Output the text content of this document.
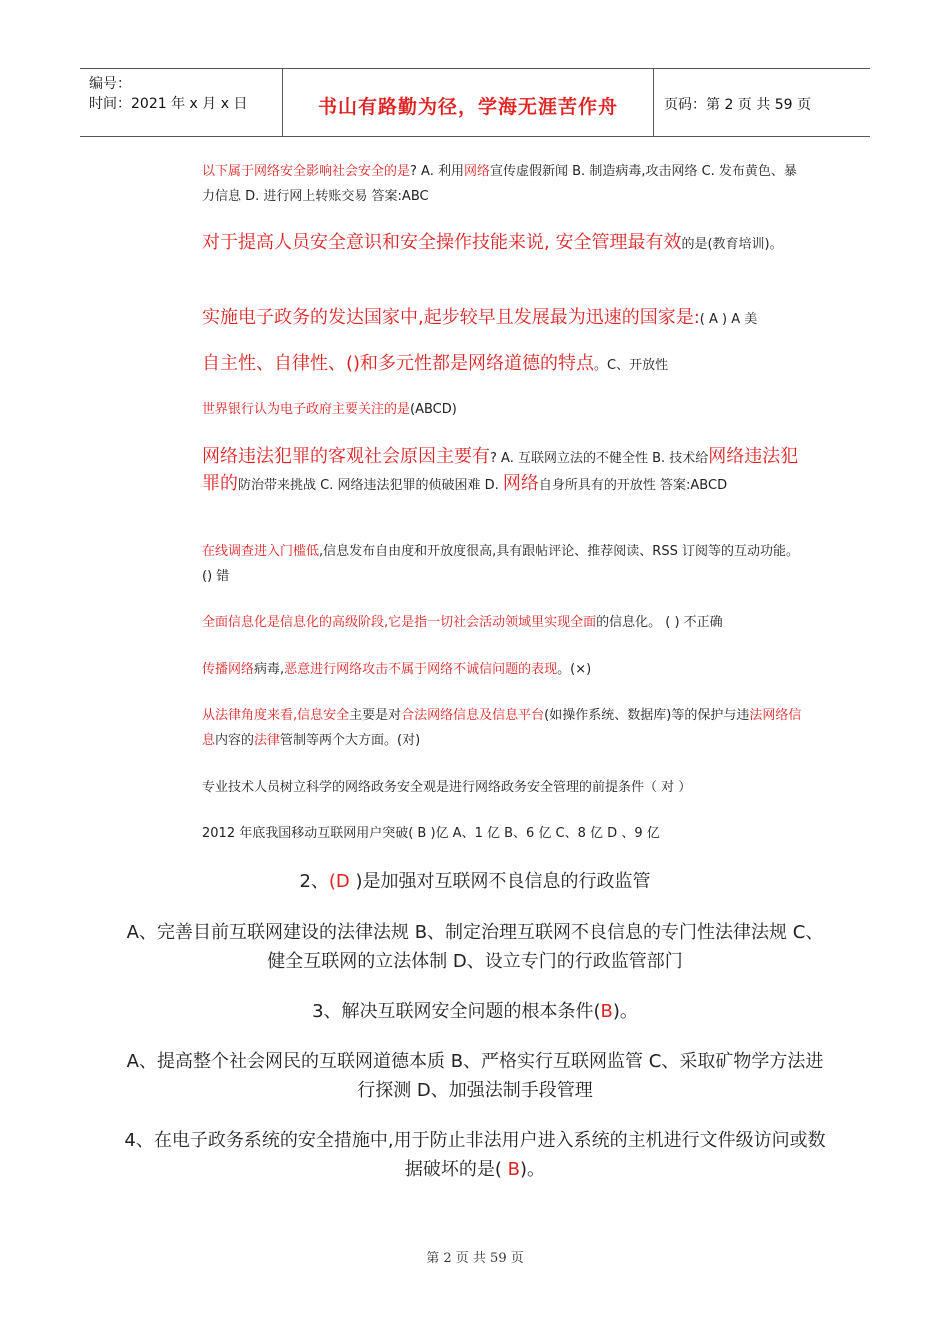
编号：
时间：2021 年 x 月 x 日	书山有路勤为径，学海无涯苦作舟	页码：第 2 页 共 59 页
以下属于网络安全影响社会安全的是? A. 利用网络宣传虚假新闻 B. 制造病毒,攻击网络 C. 发布黄色、暴力信息 D. 进行网上转账交易 答案:ABC
对于提高人员安全意识和安全操作技能来说, 安全管理最有效的是(教育培训)。
实施电子政务的发达国家中,起步较早且发展最为迅速的国家是:( A ) A 美
自主性、自律性、()和多元性都是网络道德的特点。C、开放性
世界银行认为电子政府主要关注的是(ABCD)
网络违法犯罪的客观社会原因主要有? A. 互联网立法的不健全性 B. 技术给网络违法犯罪的防治带来挑战 C. 网络违法犯罪的侦破困难 D. 网络自身所具有的开放性 答案:ABCD
在线调查进入门槛低,信息发布自由度和开放度很高,具有跟帖评论、推荐阅读、RSS 订阅等的互动功能。() 错
全面信息化是信息化的高级阶段,它是指一切社会活动领域里实现全面的信息化。 ( ) 不正确
传播网络病毒,恶意进行网络攻击不属于网络不诚信问题的表现。(×)
从法律角度来看,信息安全主要是对合法网络信息及信息平台(如操作系统、数据库)等的保护与违法网络信息内容的法律管制等两个大方面。(对)
专业技术人员树立科学的网络政务安全观是进行网络政务安全管理的前提条件（ 对 ）
2012 年底我国移动互联网用户突破( B )亿 A、1 亿 B、6 亿 C、8 亿 D 、9 亿
2、(D )是加强对互联网不良信息的行政监管
A、完善目前互联网建设的法律法规 B、制定治理互联网不良信息的专门性法律法规 C、健全互联网的立法体制 D、设立专门的行政监管部门
3、解决互联网安全问题的根本条件(B)。
A、提高整个社会网民的互联网道德本质 B、严格实行互联网监管 C、采取矿物学方法进行探测 D、加强法制手段管理
4、在电子政务系统的安全措施中,用于防止非法用户进入系统的主机进行文件级访问或数据破坏的是( B)。
第 2 页 共 59 页
